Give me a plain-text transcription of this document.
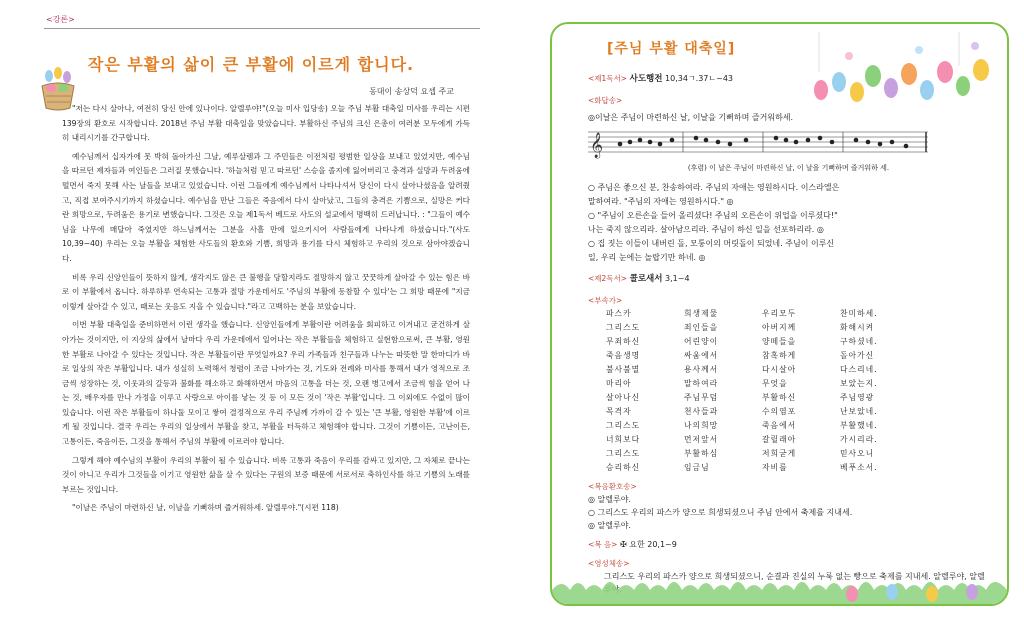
<강론>
작은 부활의 삶이 큰 부활에 이르게 합니다.
동대이 송상덕 요셉 주교

"저는 다시 살아나, 여전히 당신 안에 있나이다. 알렐루야!"(오늘 미사 입당송) 오늘 주님 부활 대축일 미사를 우리는 시편 139장의 환호로 시작합니다. 2018년 주님 부활 대축일을 맞았습니다. 부활하신 주님의 크신 은총이 여러분 모두에게 가득히 내리시기를 간구합니다.

예수님께서 십자가에 못 박혀 돌아가신 그날, 예루살렘과 그 주민들은 이전처럼 평범한 일상을 보내고 있었지만, 예수님을 따르던 제자들과 여인들은 그러질 못했습니다. '하늘처럼 믿고 따르던' 스승을 졸지에 잃어버리고 충격과 실망과 두려움에 떨면서 죽지 못해 사는 날들을 보내고 있었습니다. 이런 그들에게 예수님께서 나타나셔서 당신이 다시 살아나셨음을 알려줬고, 직접 보여주시기까지 하셨습니다. 예수님을 만난 그들은 죽음에서 다시 살아났고, 그들의 충격은 기쁨으로, 실망은 커다란 희망으로, 두려움은 용기로 변했습니다. 그것은 오늘 제1독서 베드로 사도의 설교에서 명백히 드러납니다. : "그들이 예수님을 나무에 매달아 죽였지만 하느님께서는 그분을 사흘 만에 일으키시어 사람들에게 나타나게 하셨습니다."(사도 10,39~40) 우리는 오늘 부활을 체험한 사도들의 환호와 기쁨, 희망과 용기를 다시 체험하고 우리의 것으로 삼아야겠습니다.

비록 우리 신앙인들이 뜻하지 않게, 생각지도 않은 큰 불행을 당할지라도 절망하지 않고 꿋꿋하게 살아갈 수 있는 힘은 바로 이 부활에서 옵니다. 하루하루 연속되는 고통과 절망 가운데서도 '주님의 부활에 동참할 수 있다'는 그 희망 때문에 "지금 이렇게 살아갈 수 있고, 때로는 웃음도 지을 수 있습니다."라고 고백하는 분을 보았습니다.

이번 부활 대축일을 준비하면서 이런 생각을 했습니다. 신앙인들에게 부활이란 어려움을 회피하고 이겨내고 굳건하게 살아가는 것이지만, 이 지상의 삶에서 날마다 우리 가운데에서 일어나는 작은 부활들을 체험하고 실현함으로써, 큰 부활, 영원한 부활로 나아갈 수 있다는 것입니다. 작은 부활들이란 무엇일까요? 우리 가족들과 친구들과 나누는 따뜻한 말 한마디가 바로 일상의 작은 부활입니다. 내가 성실히 노력해서 청렴이 조금 나아가는 것, 기도와 전례와 미사를 통해서 내가 영적으로 조금씩 성장하는 것, 이웃과의 갈등과 불화를 해소하고 화해하면서 마음의 고통을 더는 것, 오랜 병고에서 조금씩 힘을 얻어 나는 것, 배우자를 만나 가정을 이루고 사랑으로 아이를 낳는 것 등 이 모든 것이 '작은 부활'입니다. 그 이외에도 수없이 많이 있습니다. 이런 작은 부활들이 하나둘 모이고 쌓여 결정적으로 우리 주님께 가까이 갈 수 있는 '큰 부활, 영원한 부활'에 이르게 될 것입니다. 결국 우리는 우리의 일상에서 부활을 찾고, 부활을 터득하고 체험해야 합니다. 그것이 기쁨이든, 고난이든, 고통이든, 죽음이든, 그것을 통해서 주님의 부활에 이르러야 합니다.

그렇게 해야 예수님의 부활이 우리의 부활이 될 수 있습니다. 비록 고통과 죽음이 우리를 감싸고 있지만, 그 자체로 끝나는 것이 아니고 우리가 그것들을 이기고 영원한 삶을 살 수 있다는 구원의 보증 때문에 서로서로 축하인사를 하고 기쁨의 노래를 부르는 것입니다.

"이날은 주님이 마련하신 날, 이날을 기뻐하며 즐거워하세. 알렐루야."(시편 118)

[주님 부활 대축일]
<제1독서> 사도행전 10,34ㄱ.37ㄴ~43
<화답송>
◎이날은 주님이 마련하신 날, 이날을 기뻐하며 즐거워하세.
𝄞
(후렴) 이 날은 주님이 마련하신 날, 이 날을 기뻐하며 즐거워하 세.
○ 주님은 좋으신 분, 찬송하여라. 주님의 자애는 영원하시다. 이스라엘은
말하여라. "주님의 자애는 영원하시다." ◎
○ "주님이 오른손을 들어 올리셨다! 주님의 오른손이 위업을 이루셨다!"
나는 죽지 않으리라. 살아남으리라. 주님이 하신 일을 선포하리라. ◎
○ 집 짓는 이들이 내버린 돌, 모퉁이의 머릿돌이 되었네. 주님이 이루신
일, 우리 눈에는 놀랍기만 하네. ◎
<제2독서> 콜로새서 3,1~4
<부속가>
파스카	희생제물	우리모두	찬미하세.
그리스도	죄인들을	아버지께	화해시켜
무죄하신	어린양이	양떼들을	구하셨네.
죽음생명	싸움에서	참혹하게	돌아가신
불사불멸	용사께서	다시살아	다스리네.
마리아	말하여라	무엇을	보았는지.
살아나신	주님무덤	부활하신	주님영광
목격자	천사들과	수의염포	난보았네.
그리스도	나의희망	죽음에서	부활했네.
너희보다	먼저앞서	갈릴래아	가시리라.
그리스도	부활하심	저희굳게	믿사오니
승리하신	임금님	자비를	베푸소서.
<복음환호송>
◎ 알렐루야.
○ 그리스도 우리의 파스카 양으로 희생되셨으니 주님 안에서 축제를 지내세.
◎ 알렐루야.
<복 음> ✠ 요한 20,1~9
<영성체송>
그리스도 우리의 파스카 양으로 희생되셨으니, 순결과 진실의 누룩 없는 빵으로 축제를 지내세. 알렐루야, 알렐
